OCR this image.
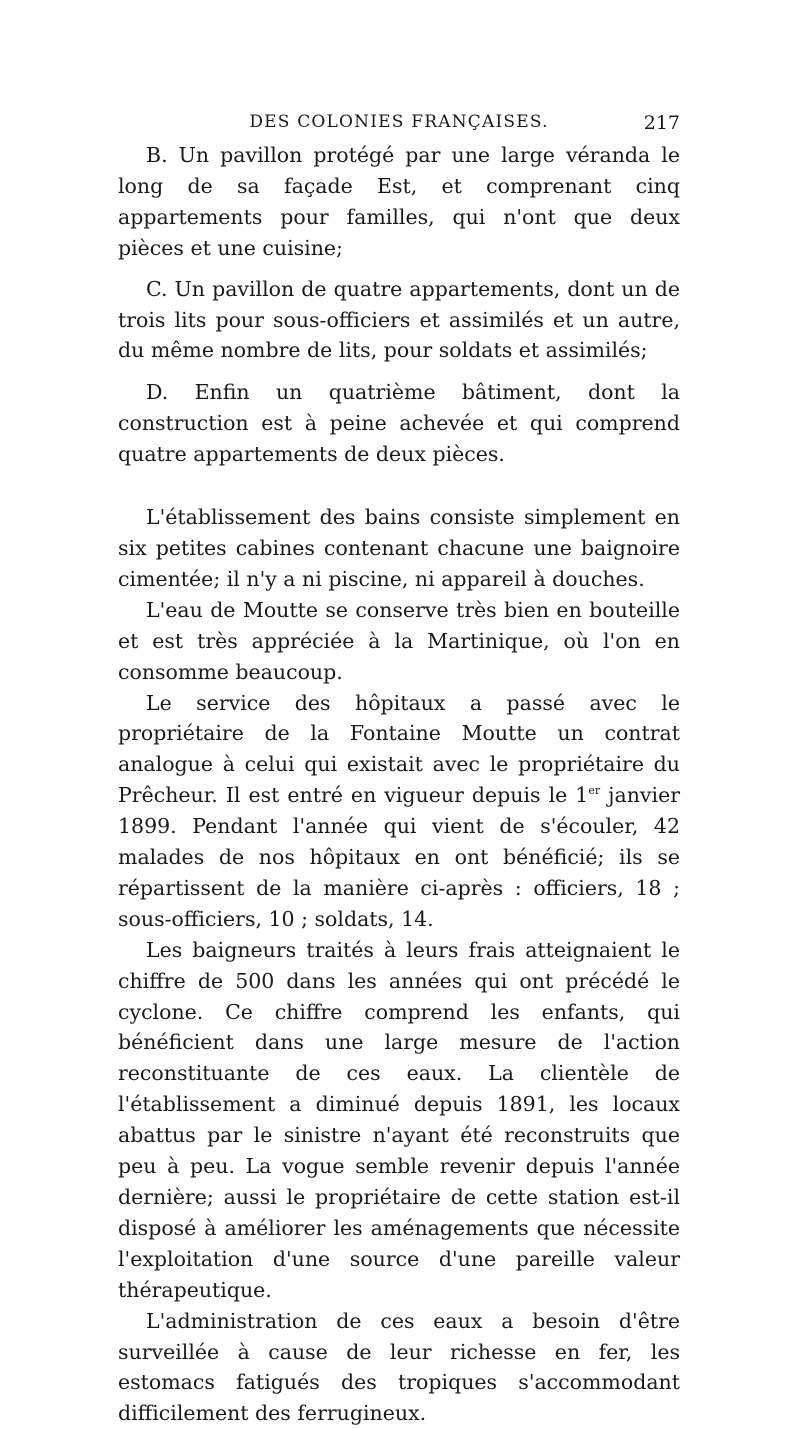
DES COLONIES FRANÇAISES.	217

B. Un pavillon protégé par une large véranda le long de sa façade Est, et comprenant cinq appartements pour familles, qui n'ont que deux pièces et une cuisine;

C. Un pavillon de quatre appartements, dont un de trois lits pour sous-officiers et assimilés et un autre, du même nombre de lits, pour soldats et assimilés;

D. Enfin un quatrième bâtiment, dont la construction est à peine achevée et qui comprend quatre appartements de deux pièces.

L'établissement des bains consiste simplement en six petites cabines contenant chacune une baignoire cimentée; il n'y a ni piscine, ni appareil à douches.

L'eau de Moutte se conserve très bien en bouteille et est très appréciée à la Martinique, où l'on en consomme beaucoup.

Le service des hôpitaux a passé avec le propriétaire de la Fontaine Moutte un contrat analogue à celui qui existait avec le propriétaire du Prêcheur. Il est entré en vigueur depuis le 1er janvier 1899. Pendant l'année qui vient de s'écouler, 42 malades de nos hôpitaux en ont bénéficié; ils se répartissent de la manière ci-après : officiers, 18 ; sous-officiers, 10 ; soldats, 14.

Les baigneurs traités à leurs frais atteignaient le chiffre de 500 dans les années qui ont précédé le cyclone. Ce chiffre comprend les enfants, qui bénéficient dans une large mesure de l'action reconstituante de ces eaux. La clientèle de l'établissement a diminué depuis 1891, les locaux abattus par le sinistre n'ayant été reconstruits que peu à peu. La vogue semble revenir depuis l'année dernière; aussi le propriétaire de cette station est-il disposé à améliorer les aménagements que nécessite l'exploitation d'une source d'une pareille valeur thérapeutique.

L'administration de ces eaux a besoin d'être surveillée à cause de leur richesse en fer, les estomacs fatigués des tropiques s'accommodant difficilement des ferrugineux.
